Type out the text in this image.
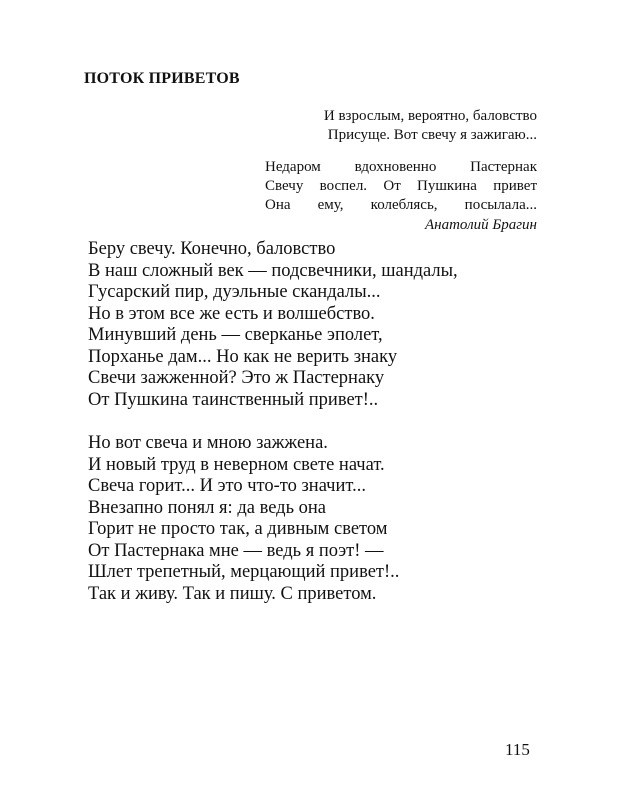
ПОТОК ПРИВЕТОВ
И взрослым, вероятно, баловство
Присуще. Вот свечу я зажигаю...
Недаром вдохновенно Пастернак
Свечу воспел. От Пушкина привет
Она ему, колеблясь, посылала...
Анатолий Брагин
Беру свечу. Конечно, баловство
В наш сложный век — подсвечники, шандалы,
Гусарский пир, дуэльные скандалы...
Но в этом все же есть и волшебство.
Минувший день — сверканье эполет,
Порханье дам... Но как не верить знаку
Свечи зажженной? Это ж Пастернаку
От Пушкина таинственный привет!..
Но вот свеча и мною зажжена.
И новый труд в неверном свете начат.
Свеча горит... И это что-то значит...
Внезапно понял я: да ведь она
Горит не просто так, а дивным светом
От Пастернака мне — ведь я поэт! —
Шлет трепетный, мерцающий привет!..
Так и живу. Так и пишу. С приветом.
115
